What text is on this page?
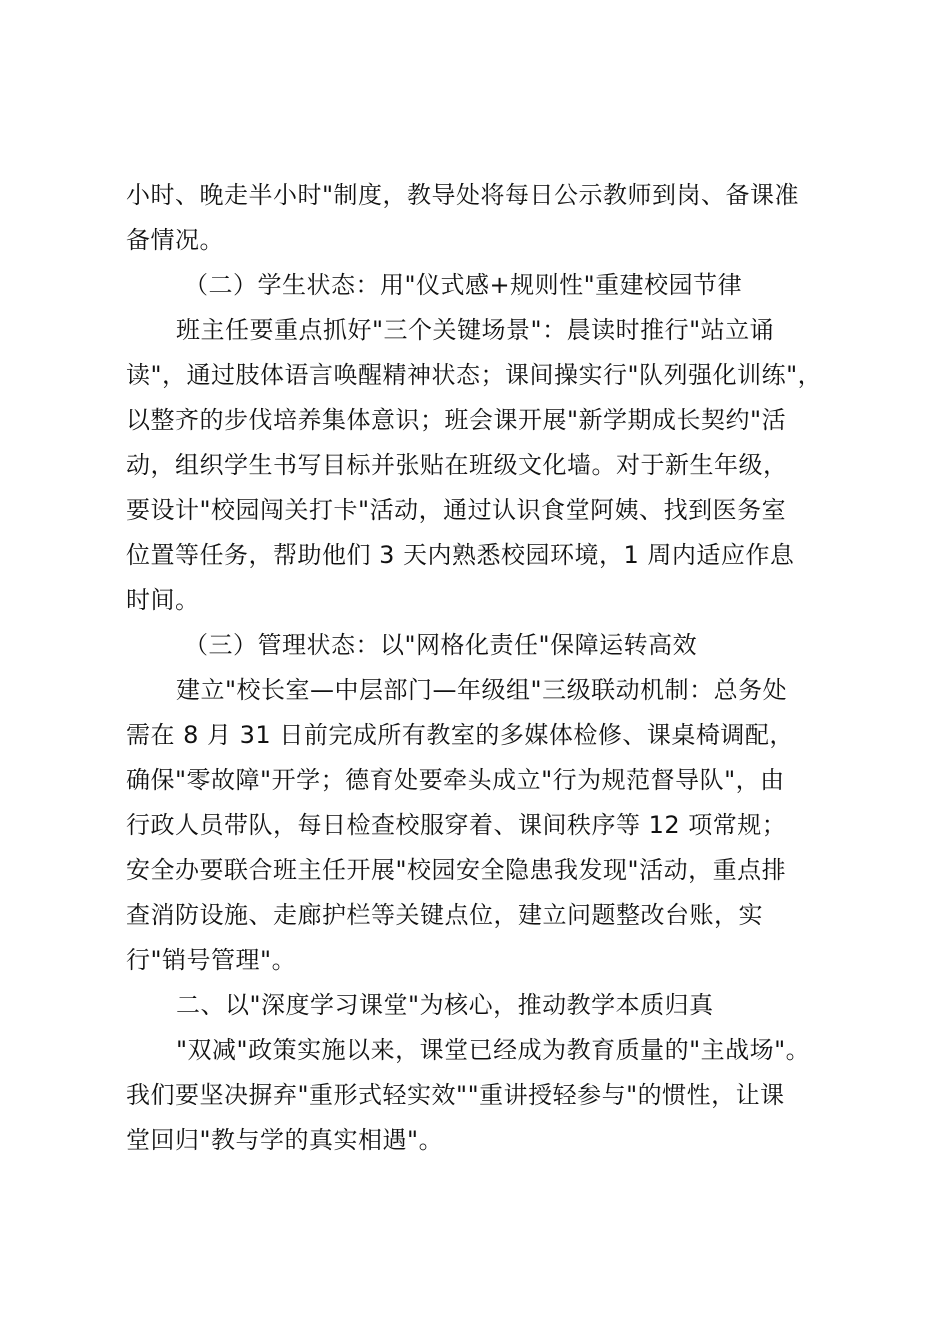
小时、晚走半小时"制度，教导处将每日公示教师到岗、备课准
备情况。
（二）学生状态：用"仪式感+规则性"重建校园节律
班主任要重点抓好"三个关键场景"：晨读时推行"站立诵
读"，通过肢体语言唤醒精神状态；课间操实行"队列强化训练"，
以整齐的步伐培养集体意识；班会课开展"新学期成长契约"活
动，组织学生书写目标并张贴在班级文化墙。对于新生年级，
要设计"校园闯关打卡"活动，通过认识食堂阿姨、找到医务室
位置等任务，帮助他们 3 天内熟悉校园环境，1 周内适应作息
时间。
（三）管理状态：以"网格化责任"保障运转高效
建立"校长室—中层部门—年级组"三级联动机制：总务处
需在 8 月 31 日前完成所有教室的多媒体检修、课桌椅调配，
确保"零故障"开学；德育处要牵头成立"行为规范督导队"，由
行政人员带队，每日检查校服穿着、课间秩序等 12 项常规；
安全办要联合班主任开展"校园安全隐患我发现"活动，重点排
查消防设施、走廊护栏等关键点位，建立问题整改台账，实
行"销号管理"。
二、以"深度学习课堂"为核心，推动教学本质归真
"双减"政策实施以来，课堂已经成为教育质量的"主战场"。
我们要坚决摒弃"重形式轻实效""重讲授轻参与"的惯性，让课
堂回归"教与学的真实相遇"。
